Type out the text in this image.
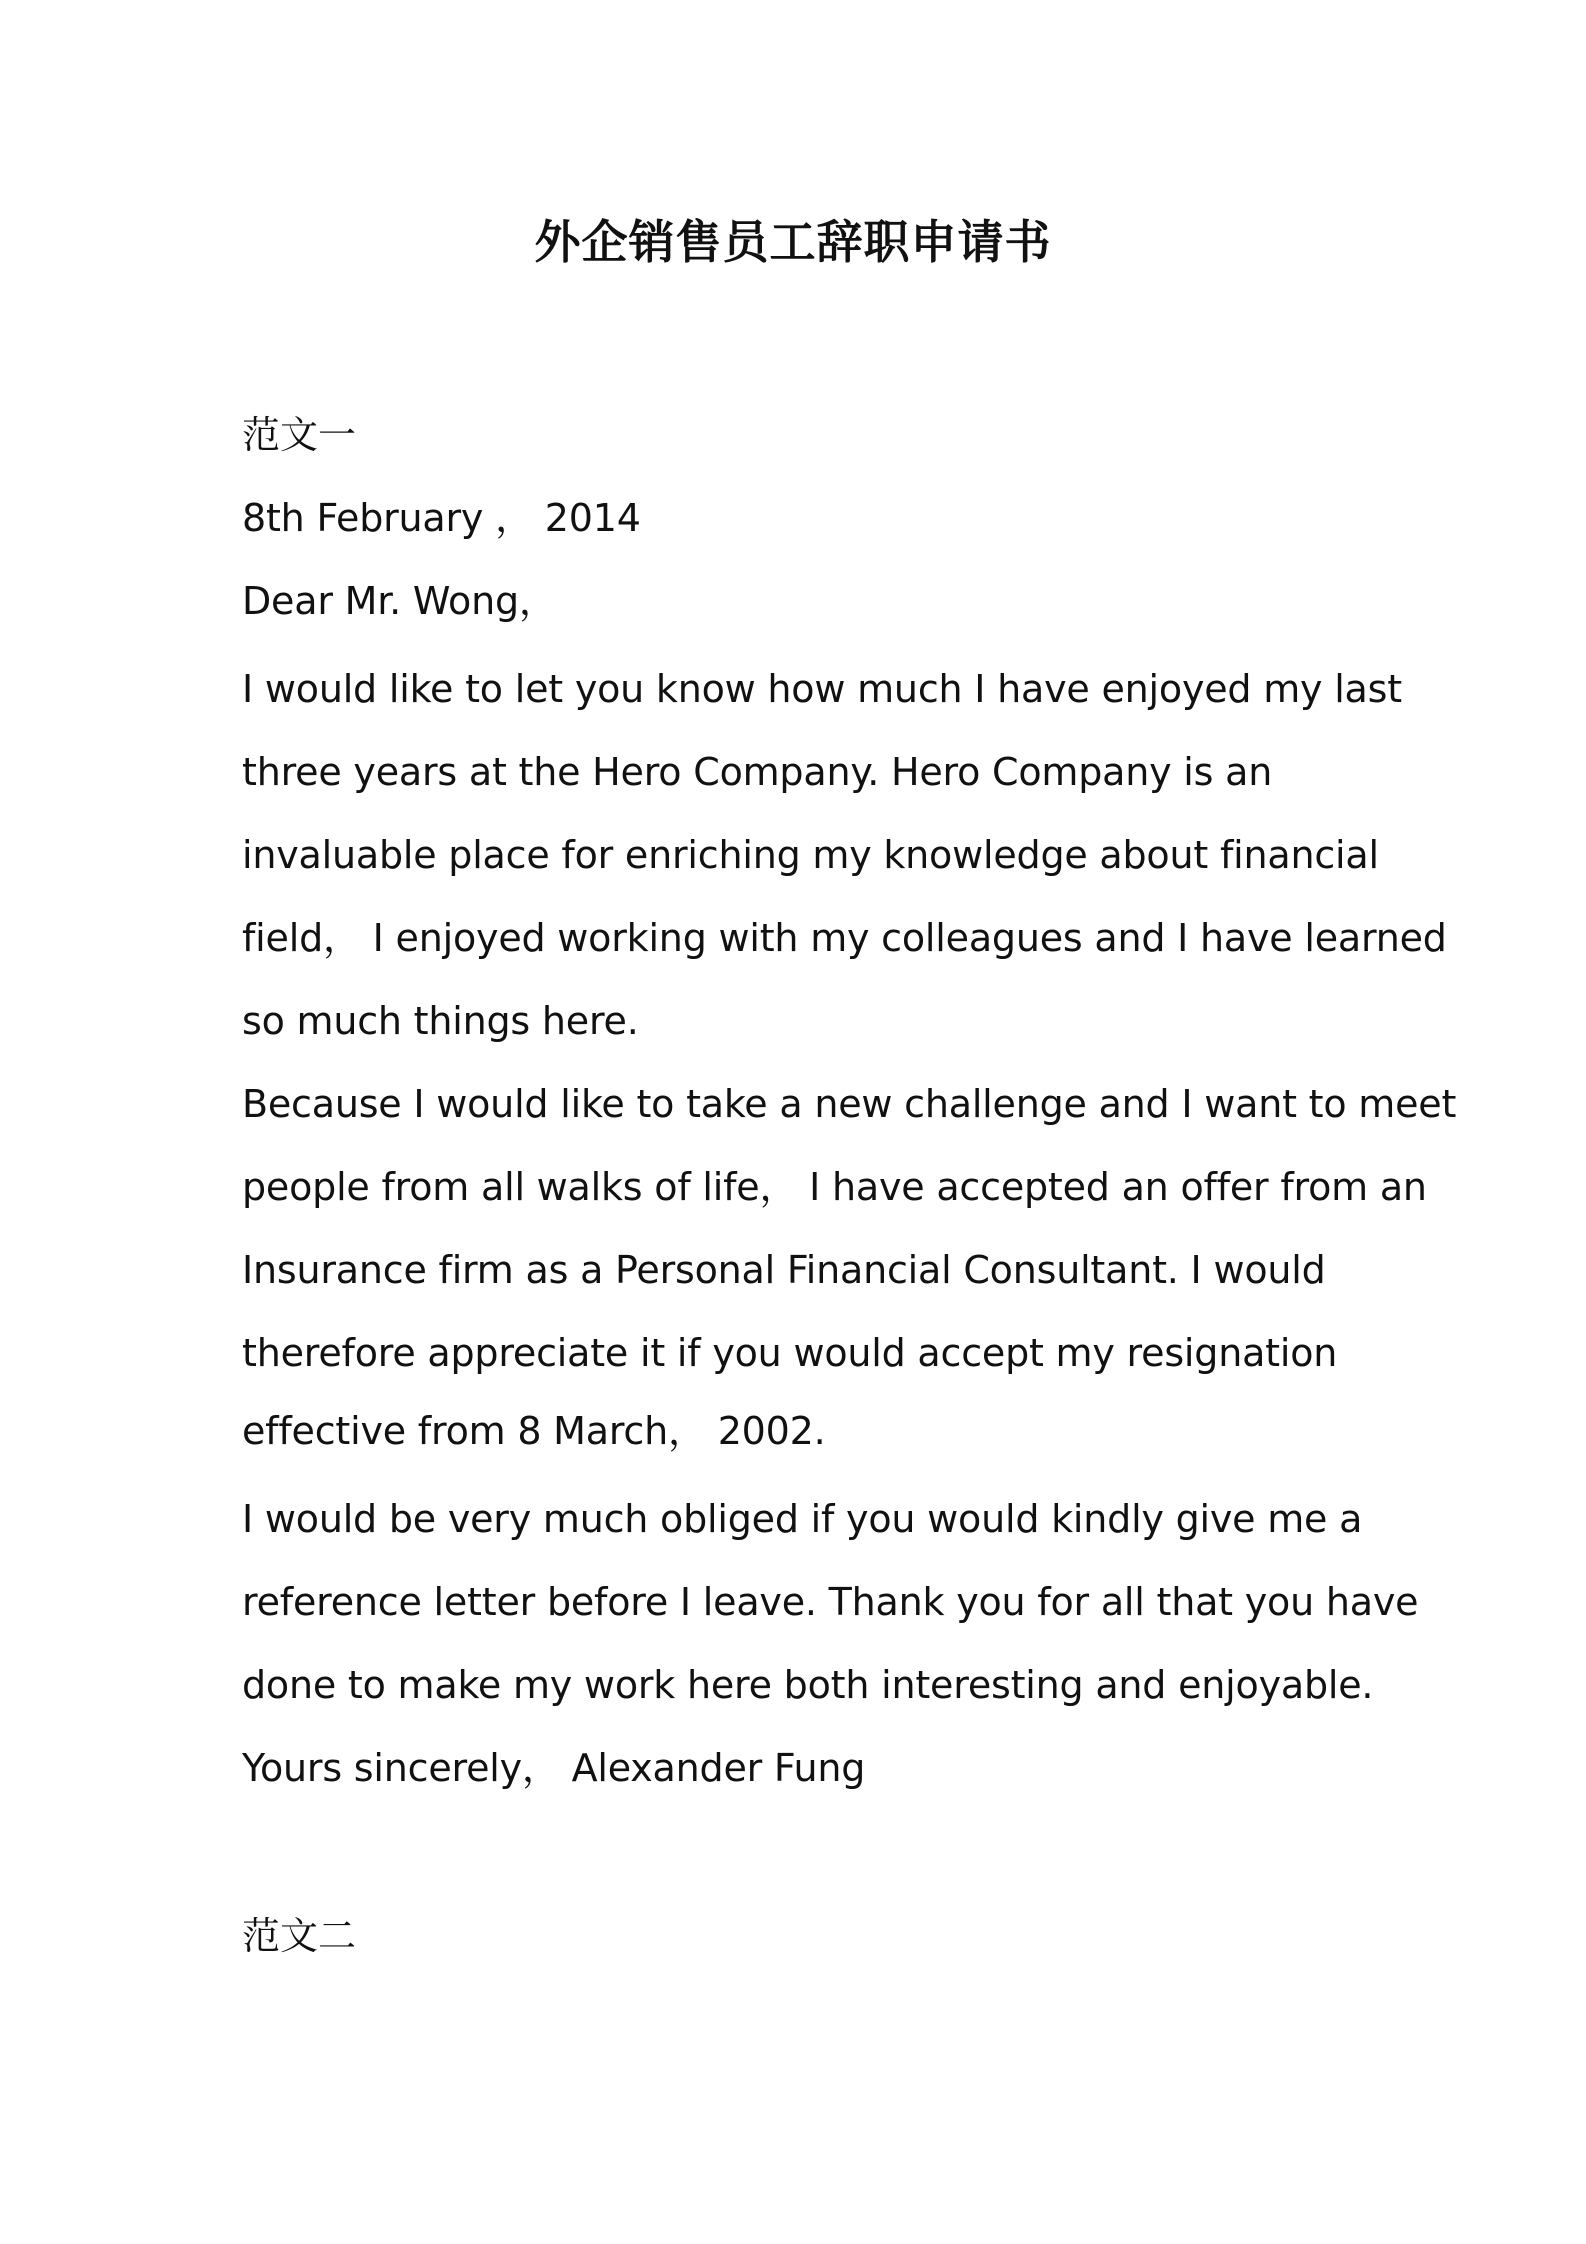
外企销售员工辞职申请书
范文一
8th February ， 2014
Dear Mr. Wong，
I would like to let you know how much I have enjoyed my last
three years at the Hero Company. Hero Company is an
invaluable place for enriching my knowledge about financial
field， I enjoyed working with my colleagues and I have learned
so much things here.
Because I would like to take a new challenge and I want to meet
people from all walks of life， I have accepted an offer from an
Insurance firm as a Personal Financial Consultant. I would
therefore appreciate it if you would accept my resignation
effective from 8 March， 2002.
I would be very much obliged if you would kindly give me a
reference letter before I leave. Thank you for all that you have
done to make my work here both interesting and enjoyable.
Yours sincerely， Alexander Fung
范文二
